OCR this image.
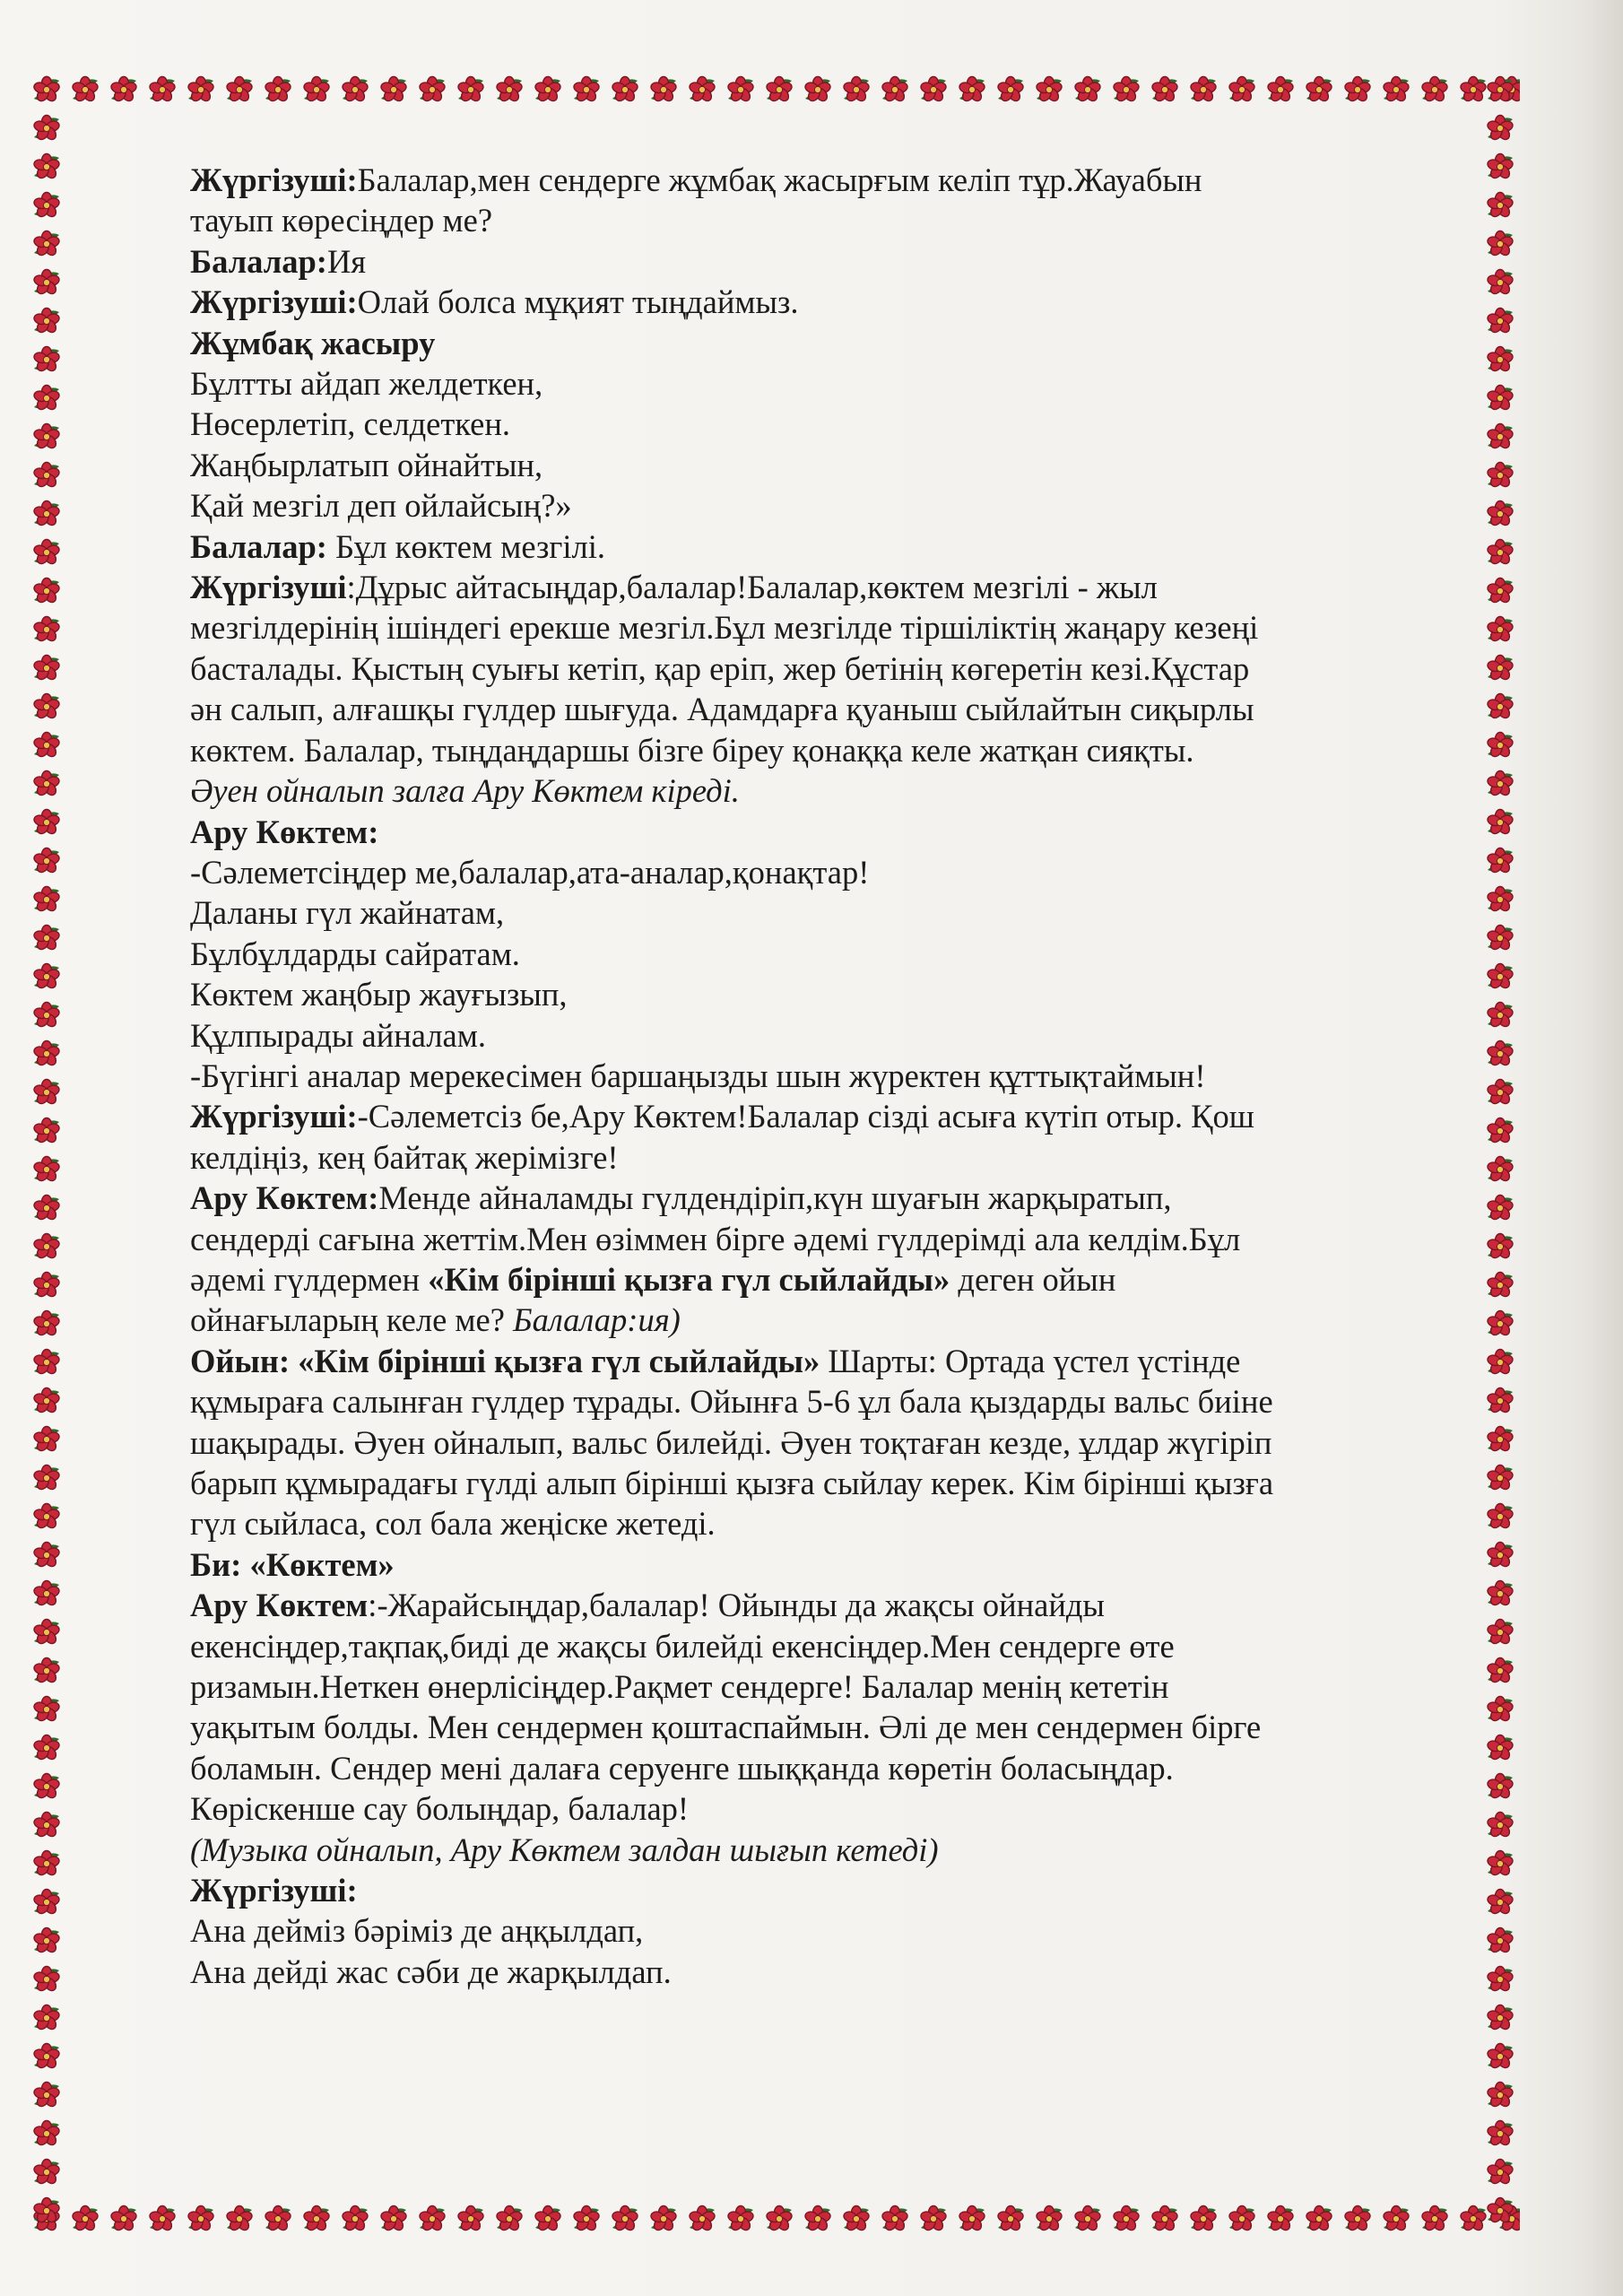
Жүргізуші:Балалар,мен сендерге жұмбақ жасырғым келіп тұр.Жауабын
тауып көресіңдер ме?
Балалар:Ия
Жүргізуші:Олай болса мұқият тыңдаймыз.
Жұмбақ жасыру
Бұлтты айдап желдеткен,
Нөсерлетіп, селдеткен.
Жаңбырлатып ойнайтын,
Қай мезгіл деп ойлайсың?»
Балалар: Бұл көктем мезгілі.
Жүргізуші:Дұрыс айтасыңдар,балалар!Балалар,көктем мезгілі - жыл
мезгілдерінің ішіндегі ерекше мезгіл.Бұл мезгілде тіршіліктің жаңару кезеңі
басталады. Қыстың суығы кетіп, қар еріп, жер бетінің көгеретін кезі.Құстар
ән салып, алғашқы гүлдер шығуда. Адамдарға қуаныш сыйлайтын сиқырлы
көктем. Балалар, тыңдаңдаршы бізге біреу қонаққа келе жатқан сияқты.
Әуен ойналып залға Ару Көктем кіреді.
Ару Көктем:
-Сәлеметсіңдер ме,балалар,ата-аналар,қонақтар!
Даланы гүл жайнатам,
Бұлбұлдарды сайратам.
Көктем жаңбыр жауғызып,
Құлпырады айналам.
-Бүгінгі аналар мерекесімен баршаңызды шын жүректен құттықтаймын!
Жүргізуші:-Сәлеметсіз бе,Ару Көктем!Балалар сізді асыға күтіп отыр. Қош
келдіңіз, кең байтақ жерімізге!
Ару Көктем:Менде айналамды гүлдендіріп,күн шуағын жарқыратып,
сендерді сағына жеттім.Мен өзіммен бірге әдемі гүлдерімді ала келдім.Бұл
әдемі гүлдермен «Кім бірінші қызға гүл сыйлайды» деген ойын
ойнағыларың келе ме? Балалар:ия)
Ойын: «Кім бірінші қызға гүл сыйлайды» Шарты: Ортада үстел үстінде
құмыраға салынған гүлдер тұрады. Ойынға 5-6 ұл бала қыздарды вальс биіне
шақырады. Әуен ойналып, вальс билейді. Әуен тоқтаған кезде, ұлдар жүгіріп
барып құмырадағы гүлді алып бірінші қызға сыйлау керек. Кім бірінші қызға
гүл сыйласа, сол бала жеңіске жетеді.
Би: «Көктем»
Ару Көктем:-Жарайсыңдар,балалар! Ойынды да жақсы ойнайды
екенсіңдер,тақпақ,биді де жақсы билейді екенсіңдер.Мен сендерге өте
ризамын.Неткен өнерлісіңдер.Рақмет сендерге! Балалар менің кететін
уақытым болды. Мен сендермен қоштаспаймын. Әлі де мен сендермен бірге
боламын. Сендер мені далаға серуенге шыққанда көретін боласыңдар.
Көріскенше сау болыңдар, балалар!
(Музыка ойналып, Ару Көктем залдан шығып кетеді)
Жүргізуші:
Ана дейміз бәріміз де аңқылдап,
Ана дейді жас сәби де жарқылдап.
